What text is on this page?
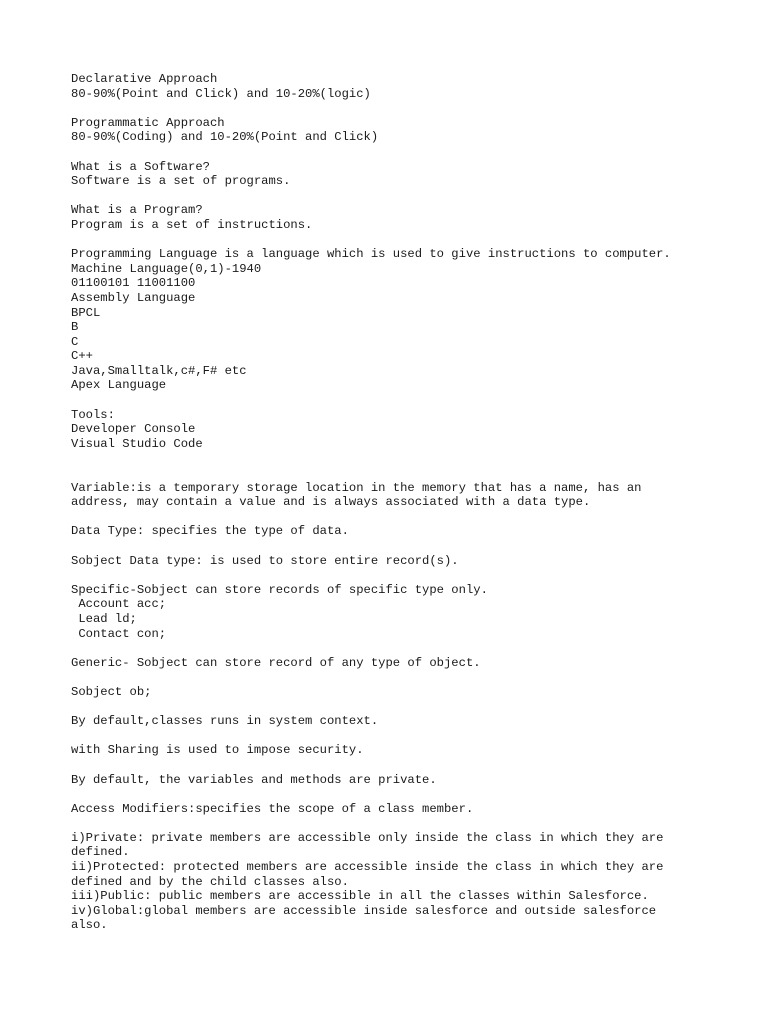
Declarative Approach
80-90%(Point and Click) and 10-20%(logic)
Programmatic Approach
80-90%(Coding) and 10-20%(Point and Click)
What is a Software?
Software is a set of programs.
What is a Program?
Program is a set of instructions.
Programming Language is a language which is used to give instructions to computer.
Machine Language(0,1)-1940
01100101 11001100
Assembly Language
BPCL
B
C
C++
Java,Smalltalk,c#,F# etc
Apex Language
Tools:
Developer Console
Visual Studio Code
Variable:is a temporary storage location in the memory that has a name, has an
address, may contain a value and is always associated with a data type.
Data Type: specifies the type of data.
Sobject Data type: is used to store entire record(s).
Specific-Sobject can store records of specific type only.
Account acc;
Lead ld;
Contact con;
Generic- Sobject can store record of any type of object.
Sobject ob;
By default,classes runs in system context.
with Sharing is used to impose security.
By default, the variables and methods are private.
Access Modifiers:specifies the scope of a class member.
i)Private: private members are accessible only inside the class in which they are
defined.
ii)Protected: protected members are accessible inside the class in which they are
defined and by the child classes also.
iii)Public: public members are accessible in all the classes within Salesforce.
iv)Global:global members are accessible inside salesforce and outside salesforce
also.
